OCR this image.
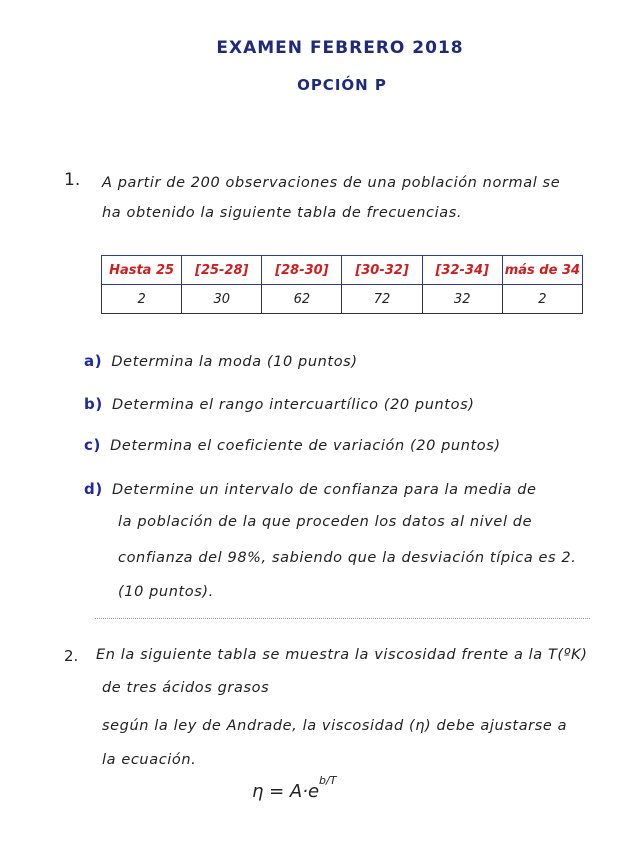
EXAMEN FEBRERO 2018
OPCIÓN P
1. A partir de 200 observaciones de una población normal se
ha obtenido la siguiente tabla de frecuencias.
Hasta 25	[25-28]	[28-30]	[30-32]	[32-34]	más de 34
2	30	62	72	32	2
a) Determina la moda (10 puntos)
b) Determina el rango intercuartílico (20 puntos)
c) Determina el coeficiente de variación (20 puntos)
d) Determine un intervalo de confianza para la media de
la población de la que proceden los datos al nivel de
confianza del 98%, sabiendo que la desviación típica es 2.
(10 puntos).
2. En la siguiente tabla se muestra la viscosidad frente a la T(ºK)
de tres ácidos grasos
según la ley de Andrade, la viscosidad (η) debe ajustarse a
la ecuación.
$\eta = A\cdot e^{b/T}$
